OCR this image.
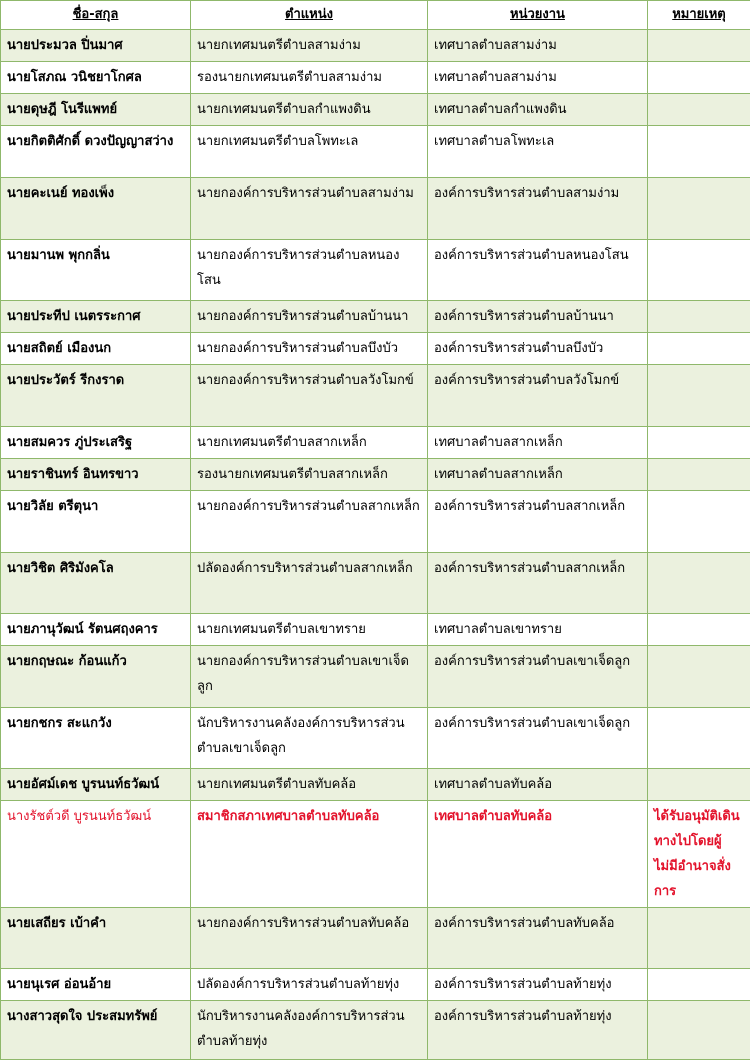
ชื่อ-สกุล	ตำแหน่ง	หน่วยงาน	หมายเหตุ
นายประมวล ปิ่นมาศ	นายกเทศมนตรีตำบลสามง่าม	เทศบาลตำบลสามง่าม	
นายโสภณ วนิชยาโกศล	รองนายกเทศมนตรีตำบลสามง่าม	เทศบาลตำบลสามง่าม	
นายดุษฎี โนรีแพทย์	นายกเทศมนตรีตำบลกำแพงดิน	เทศบาลตำบลกำแพงดิน	
นายกิตติศักดิ์ ดวงปัญญาสว่าง	นายกเทศมนตรีตำบลโพทะเล	เทศบาลตำบลโพทะเล	
นายคะเนย์ ทองเพ็ง	นายกองค์การบริหารส่วนตำบลสามง่าม	องค์การบริหารส่วนตำบลสามง่าม	
นายมานพ พุกกลิ่น	นายกองค์การบริหารส่วนตำบลหนองโสน	องค์การบริหารส่วนตำบลหนองโสน	
นายประทีป เนตรระกาศ	นายกองค์การบริหารส่วนตำบลบ้านนา	องค์การบริหารส่วนตำบลบ้านนา	
นายสถิตย์ เมืองนก	นายกองค์การบริหารส่วนตำบลบึงบัว	องค์การบริหารส่วนตำบลบึงบัว	
นายประวัตร์ รีกงราด	นายกองค์การบริหารส่วนตำบลวังโมกข์	องค์การบริหารส่วนตำบลวังโมกข์	
นายสมควร ภู่ประเสริฐ	นายกเทศมนตรีตำบลสากเหล็ก	เทศบาลตำบลสากเหล็ก	
นายราชินทร์ อินทรขาว	รองนายกเทศมนตรีตำบลสากเหล็ก	เทศบาลตำบลสากเหล็ก	
นายวิลัย ตรีตุนา	นายกองค์การบริหารส่วนตำบลสากเหล็ก	องค์การบริหารส่วนตำบลสากเหล็ก	
นายวิชิต ศิริมังคโล	ปลัดองค์การบริหารส่วนตำบลสากเหล็ก	องค์การบริหารส่วนตำบลสากเหล็ก	
นายภานุวัฒน์ รัตนศฤงคาร	นายกเทศมนตรีตำบลเขาทราย	เทศบาลตำบลเขาทราย	
นายกฤษณะ ก้อนแก้ว	นายกองค์การบริหารส่วนตำบลเขาเจ็ดลูก	องค์การบริหารส่วนตำบลเขาเจ็ดลูก	
นายกชกร สะแกวัง	นักบริหารงานคลังองค์การบริหารส่วนตำบลเขาเจ็ดลูก	องค์การบริหารส่วนตำบลเขาเจ็ดลูก	
นายอัศม์เดช บูรนนท์ธวัฒน์	นายกเทศมนตรีตำบลทับคล้อ	เทศบาลตำบลทับคล้อ	
นางรัชต์วดี บูรนนท์ธวัฒน์	สมาชิกสภาเทศบาลตำบลทับคล้อ	เทศบาลตำบลทับคล้อ	ได้รับอนุมัติเดินทางไปโดยผู้ไม่มีอำนาจสั่งการ
นายเสถียร เบ้าคำ	นายกองค์การบริหารส่วนตำบลทับคล้อ	องค์การบริหารส่วนตำบลทับคล้อ	
นายนุเรศ อ่อนอ้าย	ปลัดองค์การบริหารส่วนตำบลท้ายทุ่ง	องค์การบริหารส่วนตำบลท้ายทุ่ง	
นางสาวสุดใจ ประสมทรัพย์	นักบริหารงานคลังองค์การบริหารส่วนตำบลท้ายทุ่ง	องค์การบริหารส่วนตำบลท้ายทุ่ง	
